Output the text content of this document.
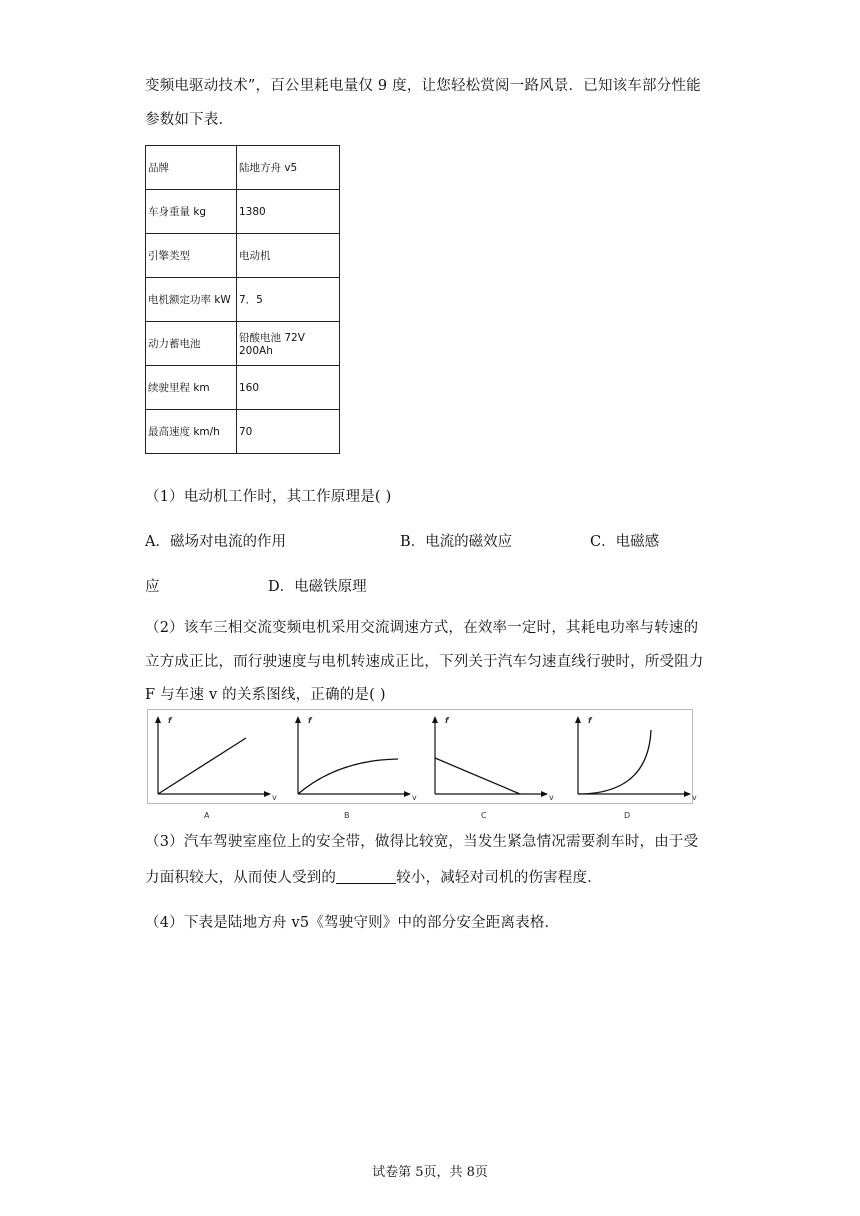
变频电驱动技术”，百公里耗电量仅 9 度，让您轻松赏阅一路风景．已知该车部分性能
参数如下表．
品牌	陆地方舟 v5
车身重量 kg	1380
引擎类型	电动机
电机额定功率 kW	7．5
动力蓄电池	铅酸电池 72V 200Ah
续驶里程 km	160
最高速度 km/h	70
（1）电动机工作时，其工作原理是( )
A．磁场对电流的作用	B．电流的磁效应	C．电磁感
应	D．电磁铁原理
（2）该车三相交流变频电机采用交流调速方式，在效率一定时，其耗电功率与转速的
立方成正比，而行驶速度与电机转速成正比，下列关于汽车匀速直线行驶时，所受阻力
F 与车速 v 的关系图线，正确的是( )
f
v
A
f
v
B
f
v
C
f
v
D
（3）汽车驾驶室座位上的安全带，做得比较宽，当发生紧急情况需要刹车时，由于受
力面积较大，从而使人受到的	较小，减轻对司机的伤害程度．
（4）下表是陆地方舟 v5《驾驶守则》中的部分安全距离表格．
试卷第 5页，共 8页
